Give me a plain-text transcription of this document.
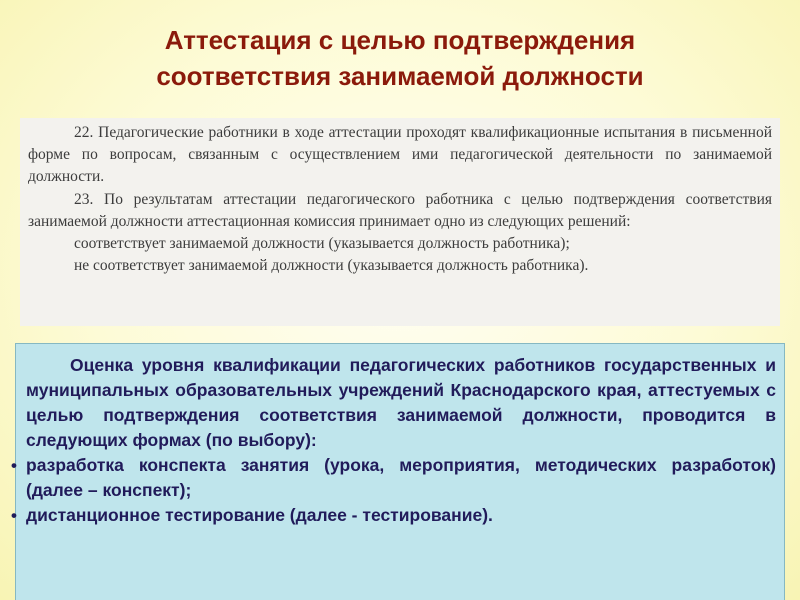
Аттестация с целью подтверждения
соответствия занимаемой должности

22. Педагогические работники в ходе аттестации проходят квалификационные испытания в письменной форме по вопросам, связанным с осуществлением ими педагогической деятельности по занимаемой должности.

23. По результатам аттестации педагогического работника с целью подтверждения соответствия занимаемой должности аттестационная комиссия принимает одно из следующих решений:

соответствует занимаемой должности (указывается должность работника);

не соответствует занимаемой должности (указывается должность работника).

Оценка уровня квалификации педагогических работников государственных и муниципальных образовательных учреждений Краснодарского края, аттестуемых с целью подтверждения соответствия занимаемой должности, проводится в следующих формах (по выбору):

• разработка конспекта занятия (урока, мероприятия, методических разработок) (далее – конспект);

• дистанционное тестирование (далее - тестирование).
